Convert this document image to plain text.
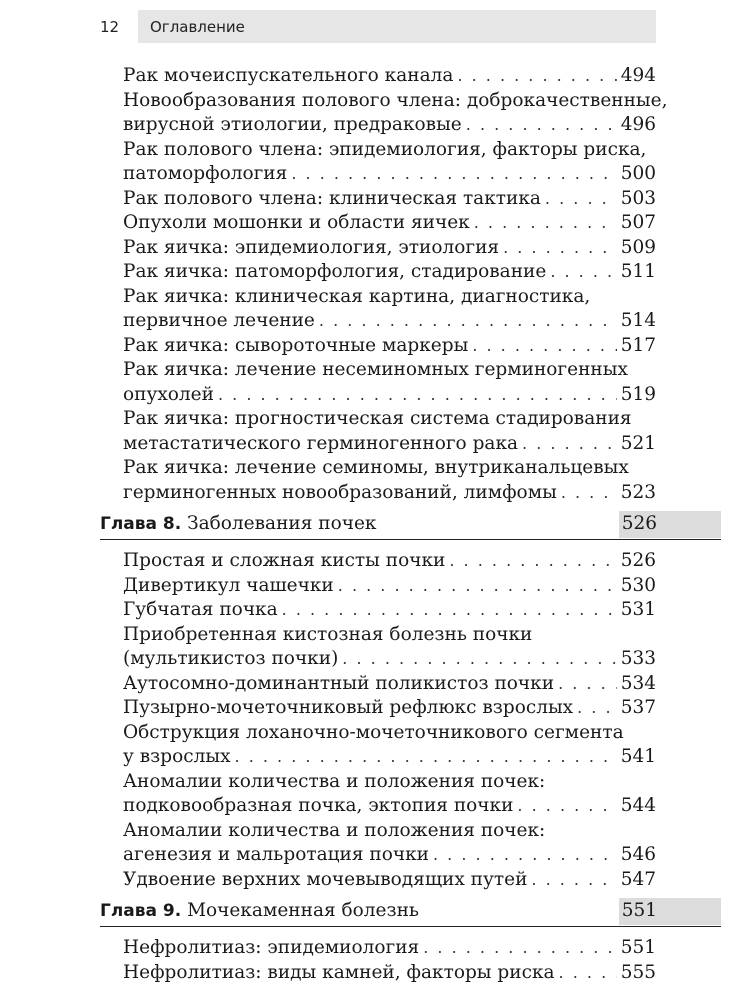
12 Оглавление
Рак мочеиспускательного канала . . .	494
Новообразования полового члена: доброкачественные,
вирусной этиологии, предраковые . . .	496
Рак полового члена: эпидемиология, факторы риска,
патоморфология . . .	500
Рак полового члена: клиническая тактика . . .	503
Опухоли мошонки и области яичек . . .	507
Рак яичка: эпидемиология, этиология . . .	509
Рак яичка: патоморфология, стадирование . . .	511
Рак яичка: клиническая картина, диагностика,
первичное лечение . . .	514
Рак яичка: сывороточные маркеры . . .	517
Рак яичка: лечение несеминомных герминогенных
опухолей . . .	519
Рак яичка: прогностическая система стадирования
метастатического герминогенного рака . . .	521
Рак яичка: лечение семиномы, внутриканальцевых
герминогенных новообразований, лимфомы . . .	523
Глава 8. Заболевания почек	526
Простая и сложная кисты почки . . .	526
Дивертикул чашечки . . .	530
Губчатая почка . . .	531
Приобретенная кистозная болезнь почки
(мультикистоз почки) . . .	533
Аутосомно-доминантный поликистоз почки . . .	534
Пузырно-мочеточниковый рефлюкс взрослых . . .	537
Обструкция лоханочно-мочеточникового сегмента
у взрослых . . .	541
Аномалии количества и положения почек:
подковообразная почка, эктопия почки . . .	544
Аномалии количества и положения почек:
агенезия и мальротация почки . . .	546
Удвоение верхних мочевыводящих путей . . .	547
Глава 9. Мочекаменная болезнь	551
Нефролитиаз: эпидемиология . . .	551
Нефролитиаз: виды камней, факторы риска . . .	555
